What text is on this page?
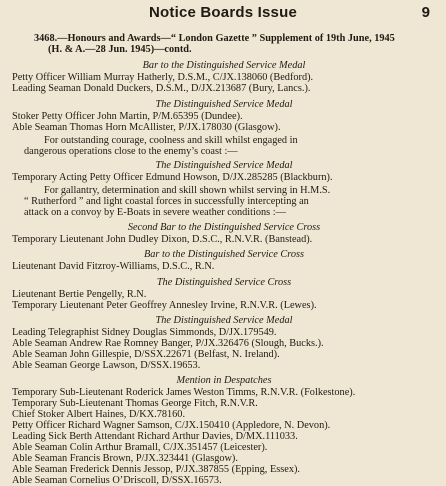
Notice Boards Issue	9
3468.—Honours and Awards—“ London Gazette ” Supplement of 19th June, 1945
(H. & A.—28 Jun. 1945)—contd.
Bar to the Distinguished Service Medal
Petty Officer William Murray Hatherly, D.S.M., C/JX.138060 (Bedford).
Leading Seaman Donald Duckers, D.S.M., D/JX.213687 (Bury, Lancs.).
The Distinguished Service Medal
Stoker Petty Officer John Martin, P/M.65395 (Dundee).
Able Seaman Thomas Horn McAllister, P/JX.178030 (Glasgow).
For outstanding courage, coolness and skill whilst engaged in
dangerous operations close to the enemy’s coast :—
The Distinguished Service Medal
Temporary Acting Petty Officer Edmund Howson, D/JX.285285 (Blackburn).
For gallantry, determination and skill shown whilst serving in H.M.S.
“ Rutherford ” and light coastal forces in successfully intercepting an
attack on a convoy by E-Boats in severe weather conditions :—
Second Bar to the Distinguished Service Cross
Temporary Lieutenant John Dudley Dixon, D.S.C., R.N.V.R. (Banstead).
Bar to the Distinguished Service Cross
Lieutenant David Fitzroy-Williams, D.S.C., R.N.
The Distinguished Service Cross
Lieutenant Bertie Pengelly, R.N.
Temporary Lieutenant Peter Geoffrey Annesley Irvine, R.N.V.R. (Lewes).
The Distinguished Service Medal
Leading Telegraphist Sidney Douglas Simmonds, D/JX.179549.
Able Seaman Andrew Rae Romney Banger, P/JX.326476 (Slough, Bucks.).
Able Seaman John Gillespie, D/SSX.22671 (Belfast, N. Ireland).
Able Seaman George Lawson, D/SSX.19653.
Mention in Despatches
Temporary Sub-Lieutenant Roderick James Weston Timms, R.N.V.R. (Folkestone).
Temporary Sub-Lieutenant Thomas George Fitch, R.N.V.R.
Chief Stoker Albert Haines, D/KX.78160.
Petty Officer Richard Wagner Samson, C/JX.150410 (Appledore, N. Devon).
Leading Sick Berth Attendant Richard Arthur Davies, D/MX.111033.
Able Seaman Colin Arthur Bramall, C/JX.351457 (Leicester).
Able Seaman Francis Brown, P/JX.323441 (Glasgow).
Able Seaman Frederick Dennis Jessop, P/JX.387855 (Epping, Essex).
Able Seaman Cornelius O’Driscoll, D/SSX.16573.
